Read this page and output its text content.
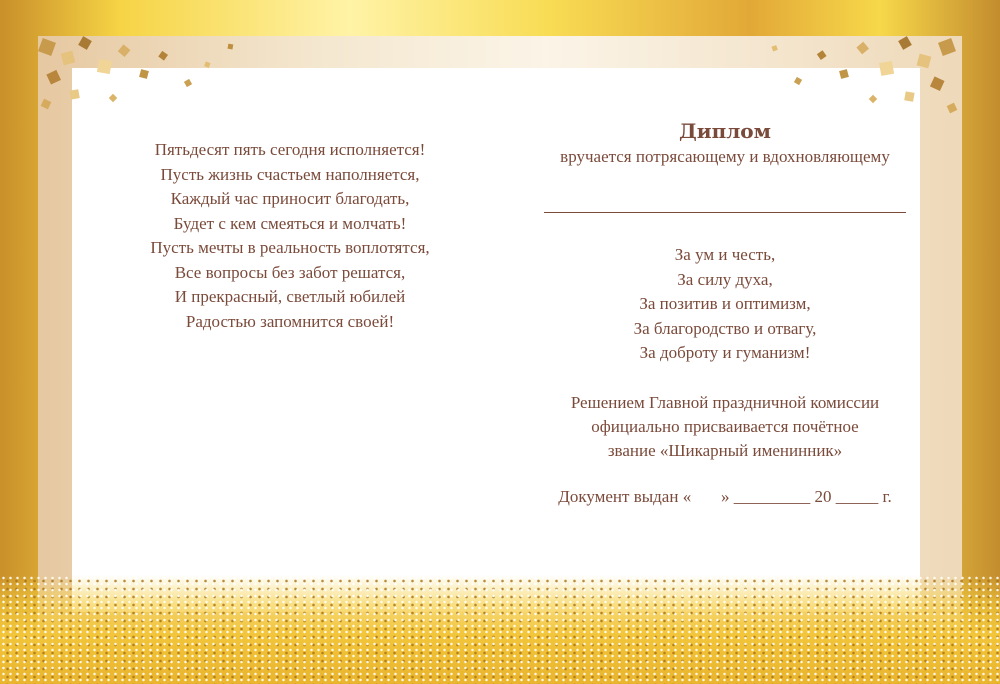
Пятьдесят пять сегодня исполняется!
Пусть жизнь счастьем наполняется,
Каждый час приносит благодать,
Будет с кем смеяться и молчать!
Пусть мечты в реальность воплотятся,
Все вопросы без забот решатся,
И прекрасный, светлый юбилей
Радостью запомнится своей!
Диплом
вручается потрясающему и вдохновляющему
За ум и честь,
За силу духа,
За позитив и оптимизм,
За благородство и отвагу,
За доброту и гуманизм!
Решением Главной праздничной комиссии
официально присваивается почётное
звание «Шикарный именинник»
Документ выдан «       » _________ 20 _____ г.
